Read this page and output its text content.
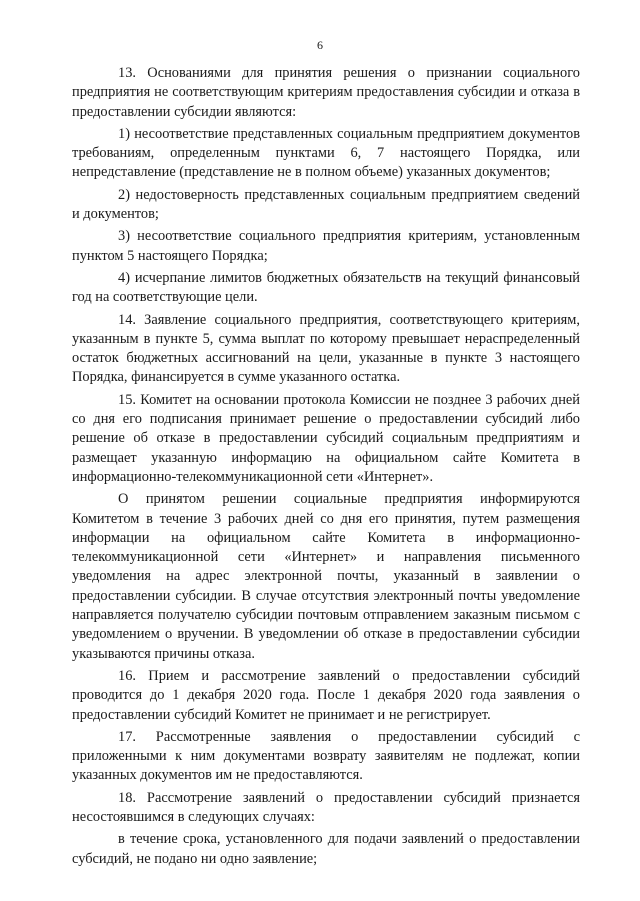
6

13. Основаниями для принятия решения о признании социального предприятия не соответствующим критериям предоставления субсидии и отказа в предоставлении субсидии являются:

1) несоответствие представленных социальным предприятием документов требованиям, определенным пунктами 6, 7 настоящего Порядка, или непредставление (представление не в полном объеме) указанных документов;

2) недостоверность представленных социальным предприятием сведений и документов;

3) несоответствие социального предприятия критериям, установленным пунктом 5 настоящего Порядка;

4) исчерпание лимитов бюджетных обязательств на текущий финансовый год на соответствующие цели.

14. Заявление социального предприятия, соответствующего критериям, указанным в пункте 5, сумма выплат по которому превышает нераспределенный остаток бюджетных ассигнований на цели, указанные в пункте 3 настоящего Порядка, финансируется в сумме указанного остатка.

15. Комитет на основании протокола Комиссии не позднее 3 рабочих дней со дня его подписания принимает решение о предоставлении субсидий либо решение об отказе в предоставлении субсидий социальным предприятиям и размещает указанную информацию на официальном сайте Комитета в информационно-телекоммуникационной сети «Интернет».

О принятом решении социальные предприятия информируются Комитетом в течение 3 рабочих дней со дня его принятия, путем размещения информации на официальном сайте Комитета в информационно-телекоммуникационной сети «Интернет» и направления письменного уведомления на адрес электронной почты, указанный в заявлении о предоставлении субсидии. В случае отсутствия электронный почты уведомление направляется получателю субсидии почтовым отправлением заказным письмом с уведомлением о вручении. В уведомлении об отказе в предоставлении субсидии указываются причины отказа.

16. Прием и рассмотрение заявлений о предоставлении субсидий проводится до 1 декабря 2020 года. После 1 декабря 2020 года заявления о предоставлении субсидий Комитет не принимает и не регистрирует.

17. Рассмотренные заявления о предоставлении субсидий с приложенными к ним документами возврату заявителям не подлежат, копии указанных документов им не предоставляются.

18. Рассмотрение заявлений о предоставлении субсидий признается несостоявшимся в следующих случаях:

в течение срока, установленного для подачи заявлений о предоставлении субсидий, не подано ни одно заявление;
